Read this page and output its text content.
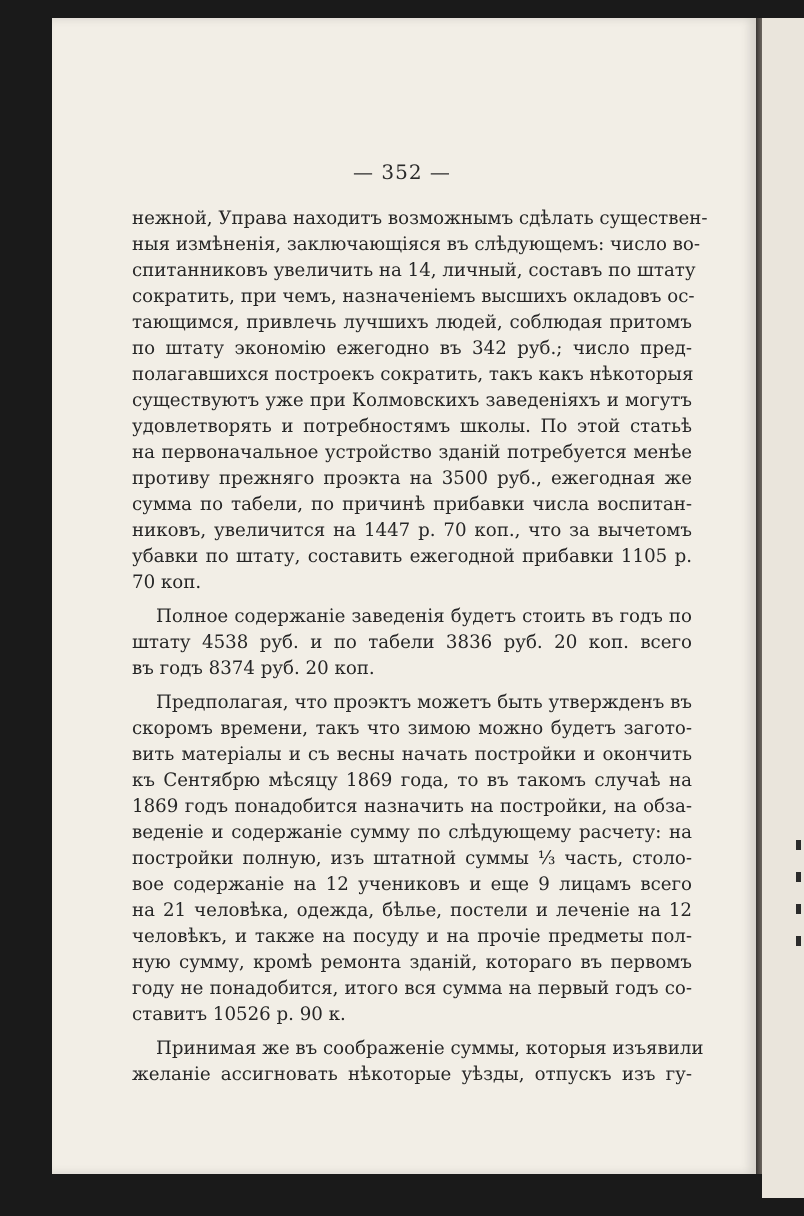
— 352 —
нежной, Управа находитъ возможнымъ сдѣлать существен-
ныя измѣненія, заключающіяся въ слѣдующемъ: число во-
спитанниковъ увеличить на 14, личный, составъ по штату
сократить, при чемъ, назначеніемъ высшихъ окладовъ ос-
тающимся, привлечь лучшихъ людей, соблюдая притомъ
по штату экономію ежегодно въ 342 руб.; число пред-
полагавшихся построекъ сократить, такъ какъ нѣкоторыя
существуютъ уже при Колмовскихъ заведеніяхъ и могутъ
удовлетворять и потребностямъ школы. По этой статьѣ
на первоначальное устройство зданій потребуется менѣе
противу прежняго проэкта на 3500 руб., ежегодная же
сумма по табели, по причинѣ прибавки числа воспитан-
никовъ, увеличится на 1447 р. 70 коп., что за вычетомъ
убавки по штату, составить ежегодной прибавки 1105 р.
70 коп.
Полное содержаніе заведенія будетъ стоить въ годъ по
штату 4538 руб. и по табели 3836 руб. 20 коп. всего
въ годъ 8374 руб. 20 коп.
Предполагая, что проэктъ можетъ быть утвержденъ въ
скоромъ времени, такъ что зимою можно будетъ загото-
вить матеріалы и съ весны начать постройки и окончить
къ Сентябрю мѣсяцу 1869 года, то въ такомъ случаѣ на
1869 годъ понадобится назначить на постройки, на обза-
веденіе и содержаніе сумму по слѣдующему расчету: на
постройки полную, изъ штатной суммы ⅓ часть, столо-
вое содержаніе на 12 учениковъ и еще 9 лицамъ всего
на 21 человѣка, одежда, бѣлье, постели и леченіе на 12
человѣкъ, и также на посуду и на прочіе предметы пол-
ную сумму, кромѣ ремонта зданій, котораго въ первомъ
году не понадобится, итого вся сумма на первый годъ со-
ставитъ 10526 р. 90 к.
Принимая же въ соображеніе суммы, которыя изъявили
желаніе ассигновать нѣкоторые уѣзды, отпускъ изъ гу-
